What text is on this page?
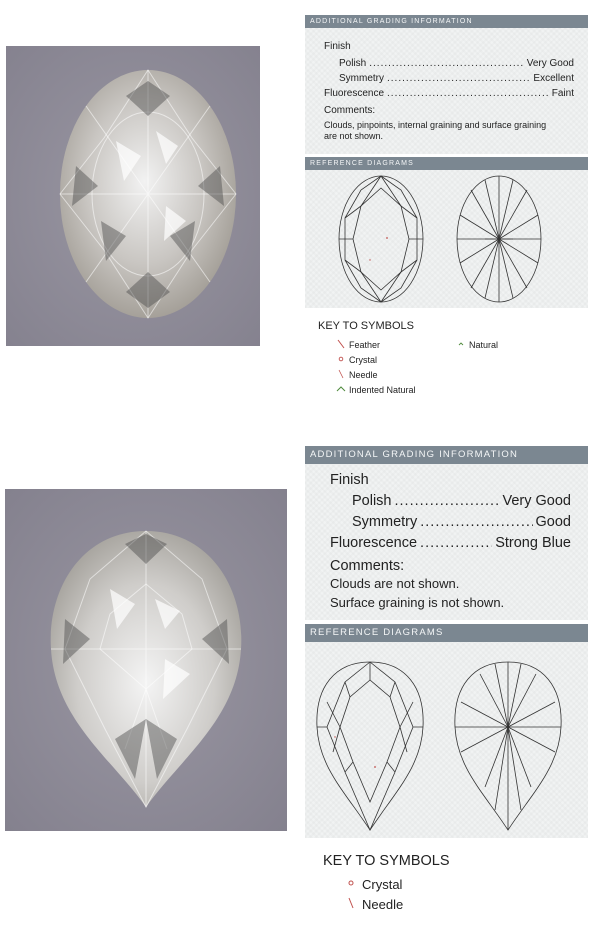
ADDITIONAL GRADING INFORMATION
Finish
Polish .....	Very Good
Symmetry .....	Excellent
Fluorescence .....	Faint
Comments:
Clouds, pinpoints, internal graining and surface graining
are not shown.
REFERENCE DIAGRAMS
KEY TO SYMBOLS
Feather
Crystal
Needle
Indented Natural
Natural
ADDITIONAL GRADING INFORMATION
Finish
Polish .....	Very Good
Symmetry .....	Good
Fluorescence .....	Strong Blue
Comments:
Clouds are not shown.
Surface graining is not shown.
REFERENCE DIAGRAMS
KEY TO SYMBOLS
Crystal
Needle
